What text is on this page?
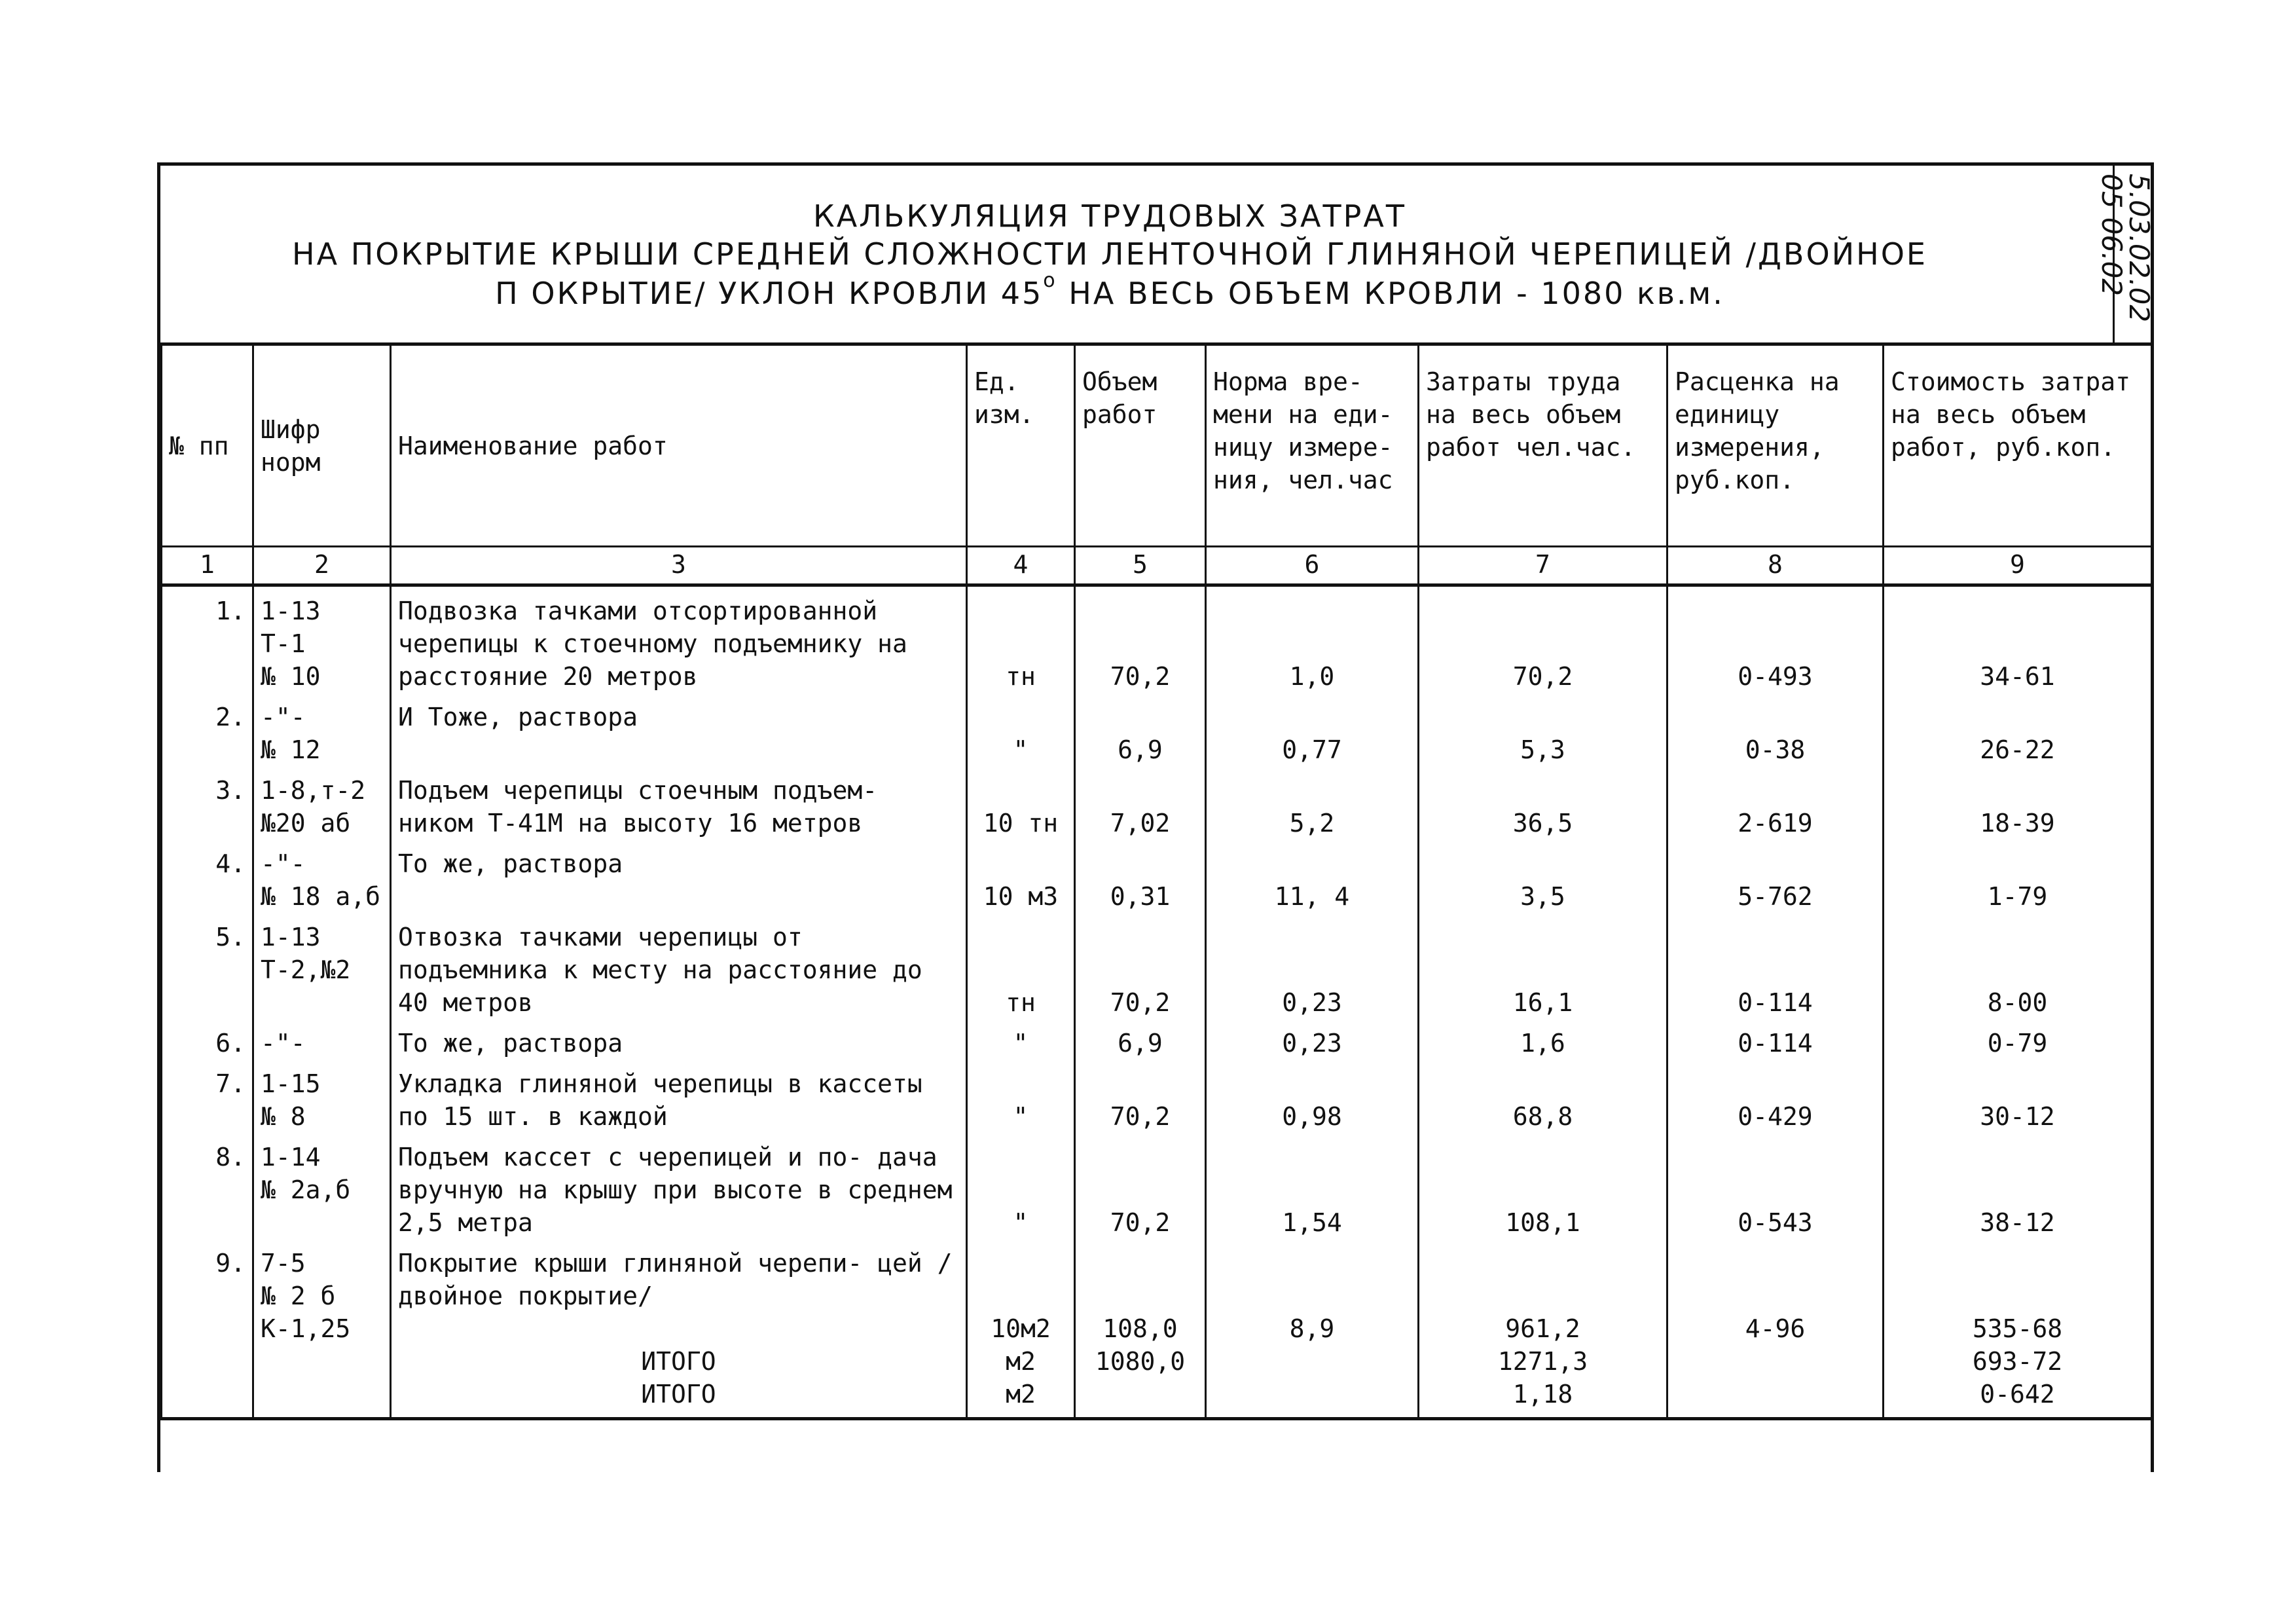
КАЛЬКУЛЯЦИЯ ТРУДОВЫХ ЗАТРАТ
НА ПОКРЫТИЕ КРЫШИ СРЕДНЕЙ СЛОЖНОСТИ ЛЕНТОЧНОЙ ГЛИНЯНОЙ ЧЕРЕПИЦЕЙ /ДВОЙНОЕ
П ОКРЫТИЕ/ УКЛОН КРОВЛИ $45^о$ НА ВЕСЬ ОБЪЕМ КРОВЛИ - 1080 кв.м.	5.03.02.02
05 06.02
№ пп	Шифр норм	Наименование работ	Ед. изм.	Объем работ	Норма вре- мени на еди- ницу измере- ния, чел.час	Затраты труда на весь объем работ чел.час.	Расценка на единицу измерения, руб.коп.	Стоимость затрат на весь объем работ, руб.коп.
1	2	3	4	5	6	7	8	9
1.	1-13
Т-1
№ 10	Подвозка тачками отсортированной черепицы к стоечному подъемнику на расстояние 20 метров	тн	70,2	1,0	70,2	0-493	34-61
2.	-"-
№ 12	И Тоже, раствора	"	6,9	0,77	5,3	0-38	26-22
3.	1-8,т-2
№20 аб	Подъем черепицы стоечным подъем- ником Т-41М на высоту 16 метров	10 тн	7,02	5,2	36,5	2-619	18-39
4.	-"-
№ 18 а,б	То же, раствора	10 м3	0,31	11, 4	3,5	5-762	1-79
5.	1-13
Т-2,№2	Отвозка тачками черепицы от подъемника к месту на расстояние до 40 метров	тн	70,2	0,23	16,1	0-114	8-00
6.	-"-	То же, раствора	"	6,9	0,23	1,6	0-114	0-79
7.	1-15
№ 8	Укладка глиняной черепицы в кассеты по 15 шт. в каждой	"	70,2	0,98	68,8	0-429	30-12
8.	1-14
№ 2а,б	Подъем кассет с черепицей и по- дача вручную на крышу при высоте в среднем 2,5 метра	"	70,2	1,54	108,1	0-543	38-12
9.	7-5
№ 2 б
К-1,25	Покрытие крыши глиняной черепи- цей /двойное покрытие/	10м2	108,0	8,9	961,2	4-96	535-68
		ИТОГО	м2	1080,0		1271,3		693-72
		ИТОГО	м2			1,18		0-642
